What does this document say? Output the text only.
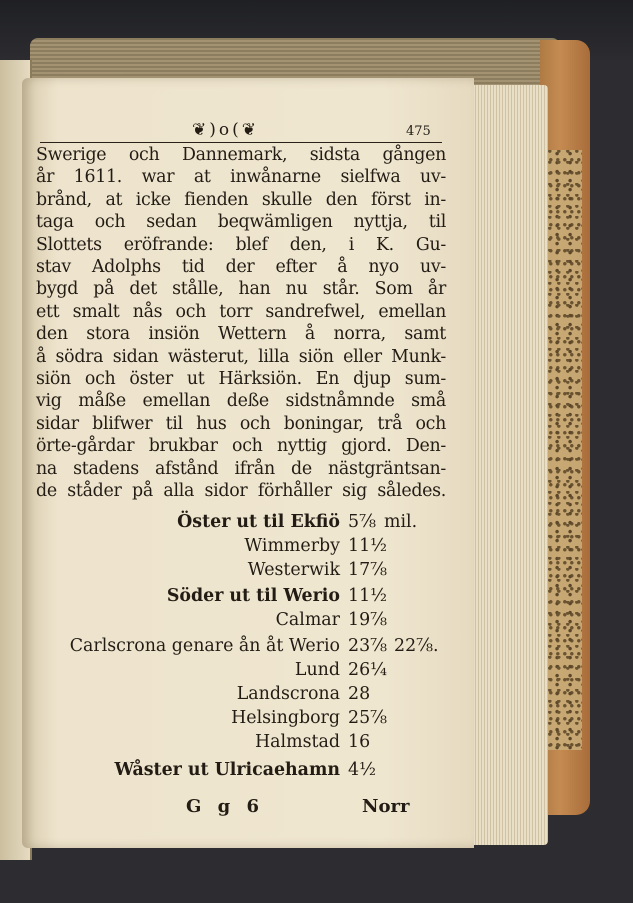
❦)o(❦	475
Swerige och Dannemark, sidsta gången
år 1611. war at inwånarne sielfwa uv-
brånd, at icke fienden skulle den först in-
taga och sedan beqwämligen nyttja, til
Slottets eröfrande: blef den, i K. Gu-
stav Adolphs tid der efter å nyo uv-
bygd på det stålle, han nu står. Som år
ett smalt nås och torr sandrefwel, emellan
den stora insiön Wettern å norra, samt
å södra sidan wästerut, lilla siön eller Munk-
siön och öster ut Härksiön. En djup sum-
vig måße emellan deße sidstnåmnde små
sidar blifwer til hus och boningar, trå och
örte-gårdar brukbar och nyttig gjord. Den-
na stadens afstånd ifrån de nästgräntsan-
de ståder på alla sidor förhåller sig således.
Öster ut til Ekfiö 5⅞ mil.
Wimmerby 11½
Westerwik 17⅞
Söder ut til Werio 11½
Calmar 19⅞
Carlscrona genare ån åt Werio 23⅞ 22⅞.
Lund 26¼
Landscrona 28
Helsingborg 25⅞
Halmstad 16
Wåster ut Ulricaehamn 4½
G g 6	Norr
